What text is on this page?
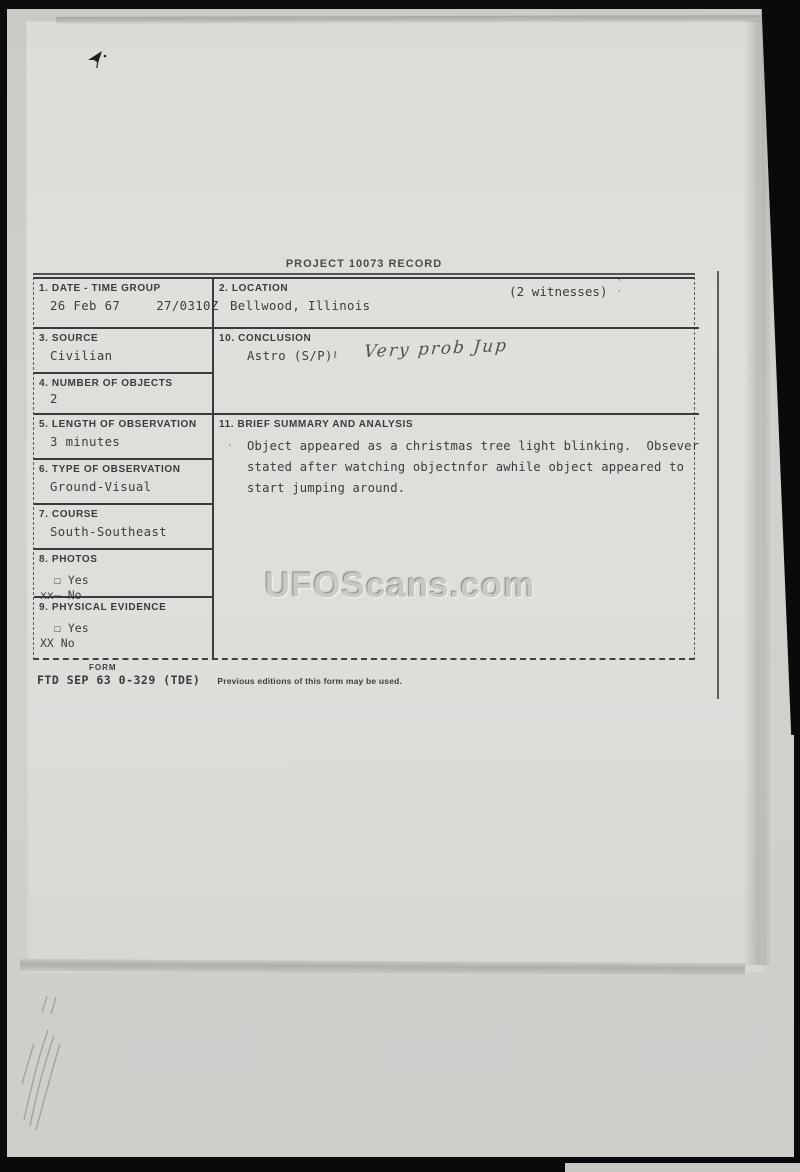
’ ’
PROJECT 10073 RECORD
1. DATE - TIME GROUP
26 Feb 67	27/0310Z
3. SOURCE
Civilian
4. NUMBER OF OBJECTS
2
5. LENGTH OF OBSERVATION
3 minutes
6. TYPE OF OBSERVATION
Ground-Visual
7. COURSE
South-Southeast
8. PHOTOS
☐ Yes
xx̶ No
9. PHYSICAL EVIDENCE
☐ Yes
XX No
2. LOCATION
Bellwood, Illinois
(2 witnesses)
10. CONCLUSION
Astro (S/P) ι Very prob Jup
11. BRIEF SUMMARY AND ANALYSIS
· Object appeared as a christmas tree light blinking.  Obsever
stated after watching objectnfor awhile object appeared to
start jumping around.
FORM
FTD SEP 63 0-329 (TDE) Previous editions of this form may be used.
UFOScans.com
